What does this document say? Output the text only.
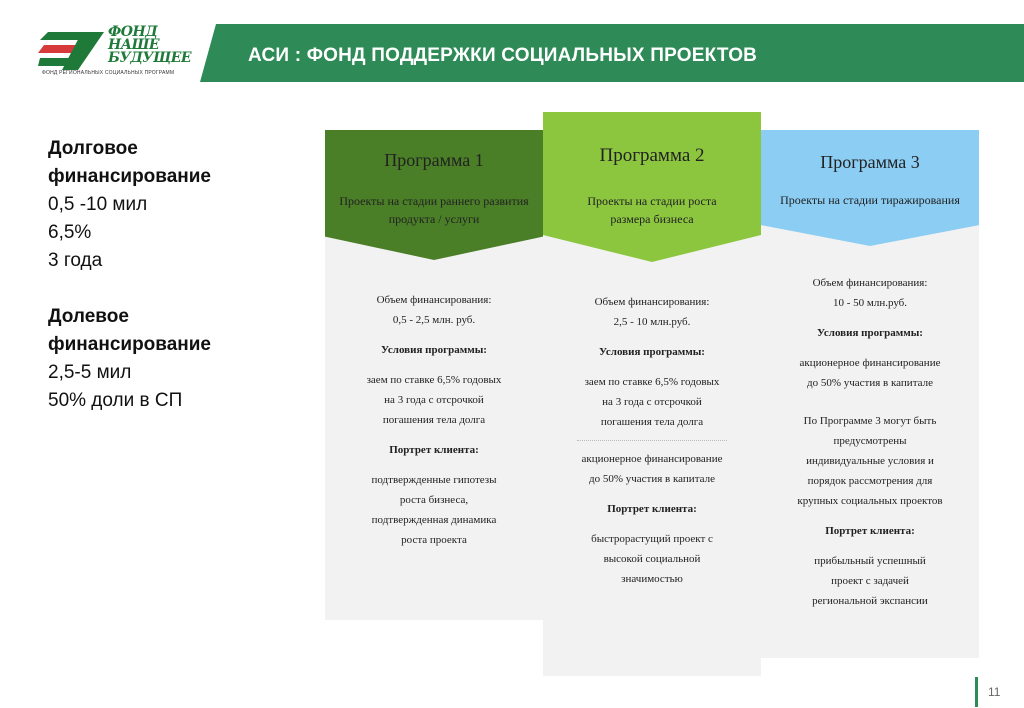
ФОНД
НАШЕ
БУДУЩЕЕ
ФОНД РЕГИОНАЛЬНЫХ СОЦИАЛЬНЫХ ПРОГРАММ
АСИ : ФОНД ПОДДЕРЖКИ СОЦИАЛЬНЫХ ПРОЕКТОВ
Долговое
финансирование
0,5 -10 мил
6,5%
3 года
Долевое
финансирование
2,5-5 мил
50% доли в СП
Программа 1
Проекты на стадии раннего развития
продукта / услуги
Объем финансирования:
0,5 - 2,5 млн. руб.
Условия программы:
заем по ставке 6,5% годовых
на 3 года с отсрочкой
погашения тела долга
Портрет клиента:
подтвержденные гипотезы
роста бизнеса,
подтвержденная динамика
роста проекта
Программа 2
Проекты на стадии роста
размера бизнеса
Объем финансирования:
2,5 - 10 млн.руб.
Условия программы:
заем по ставке 6,5% годовых
на 3 года с отсрочкой
погашения тела долга
акционерное финансирование
до 50% участия в капитале
Портрет клиента:
быстрорастущий проект с
высокой социальной
значимостью
Программа 3
Проекты на стадии тиражирования
Объем финансирования:
10 - 50 млн.руб.
Условия программы:
акционерное финансирование
до 50% участия в капитале
По Программе 3 могут быть
предусмотрены
индивидуальные условия и
порядок рассмотрения для
крупных социальных проектов
Портрет клиента:
прибыльный успешный
проект с задачей
региональной экспансии
11
